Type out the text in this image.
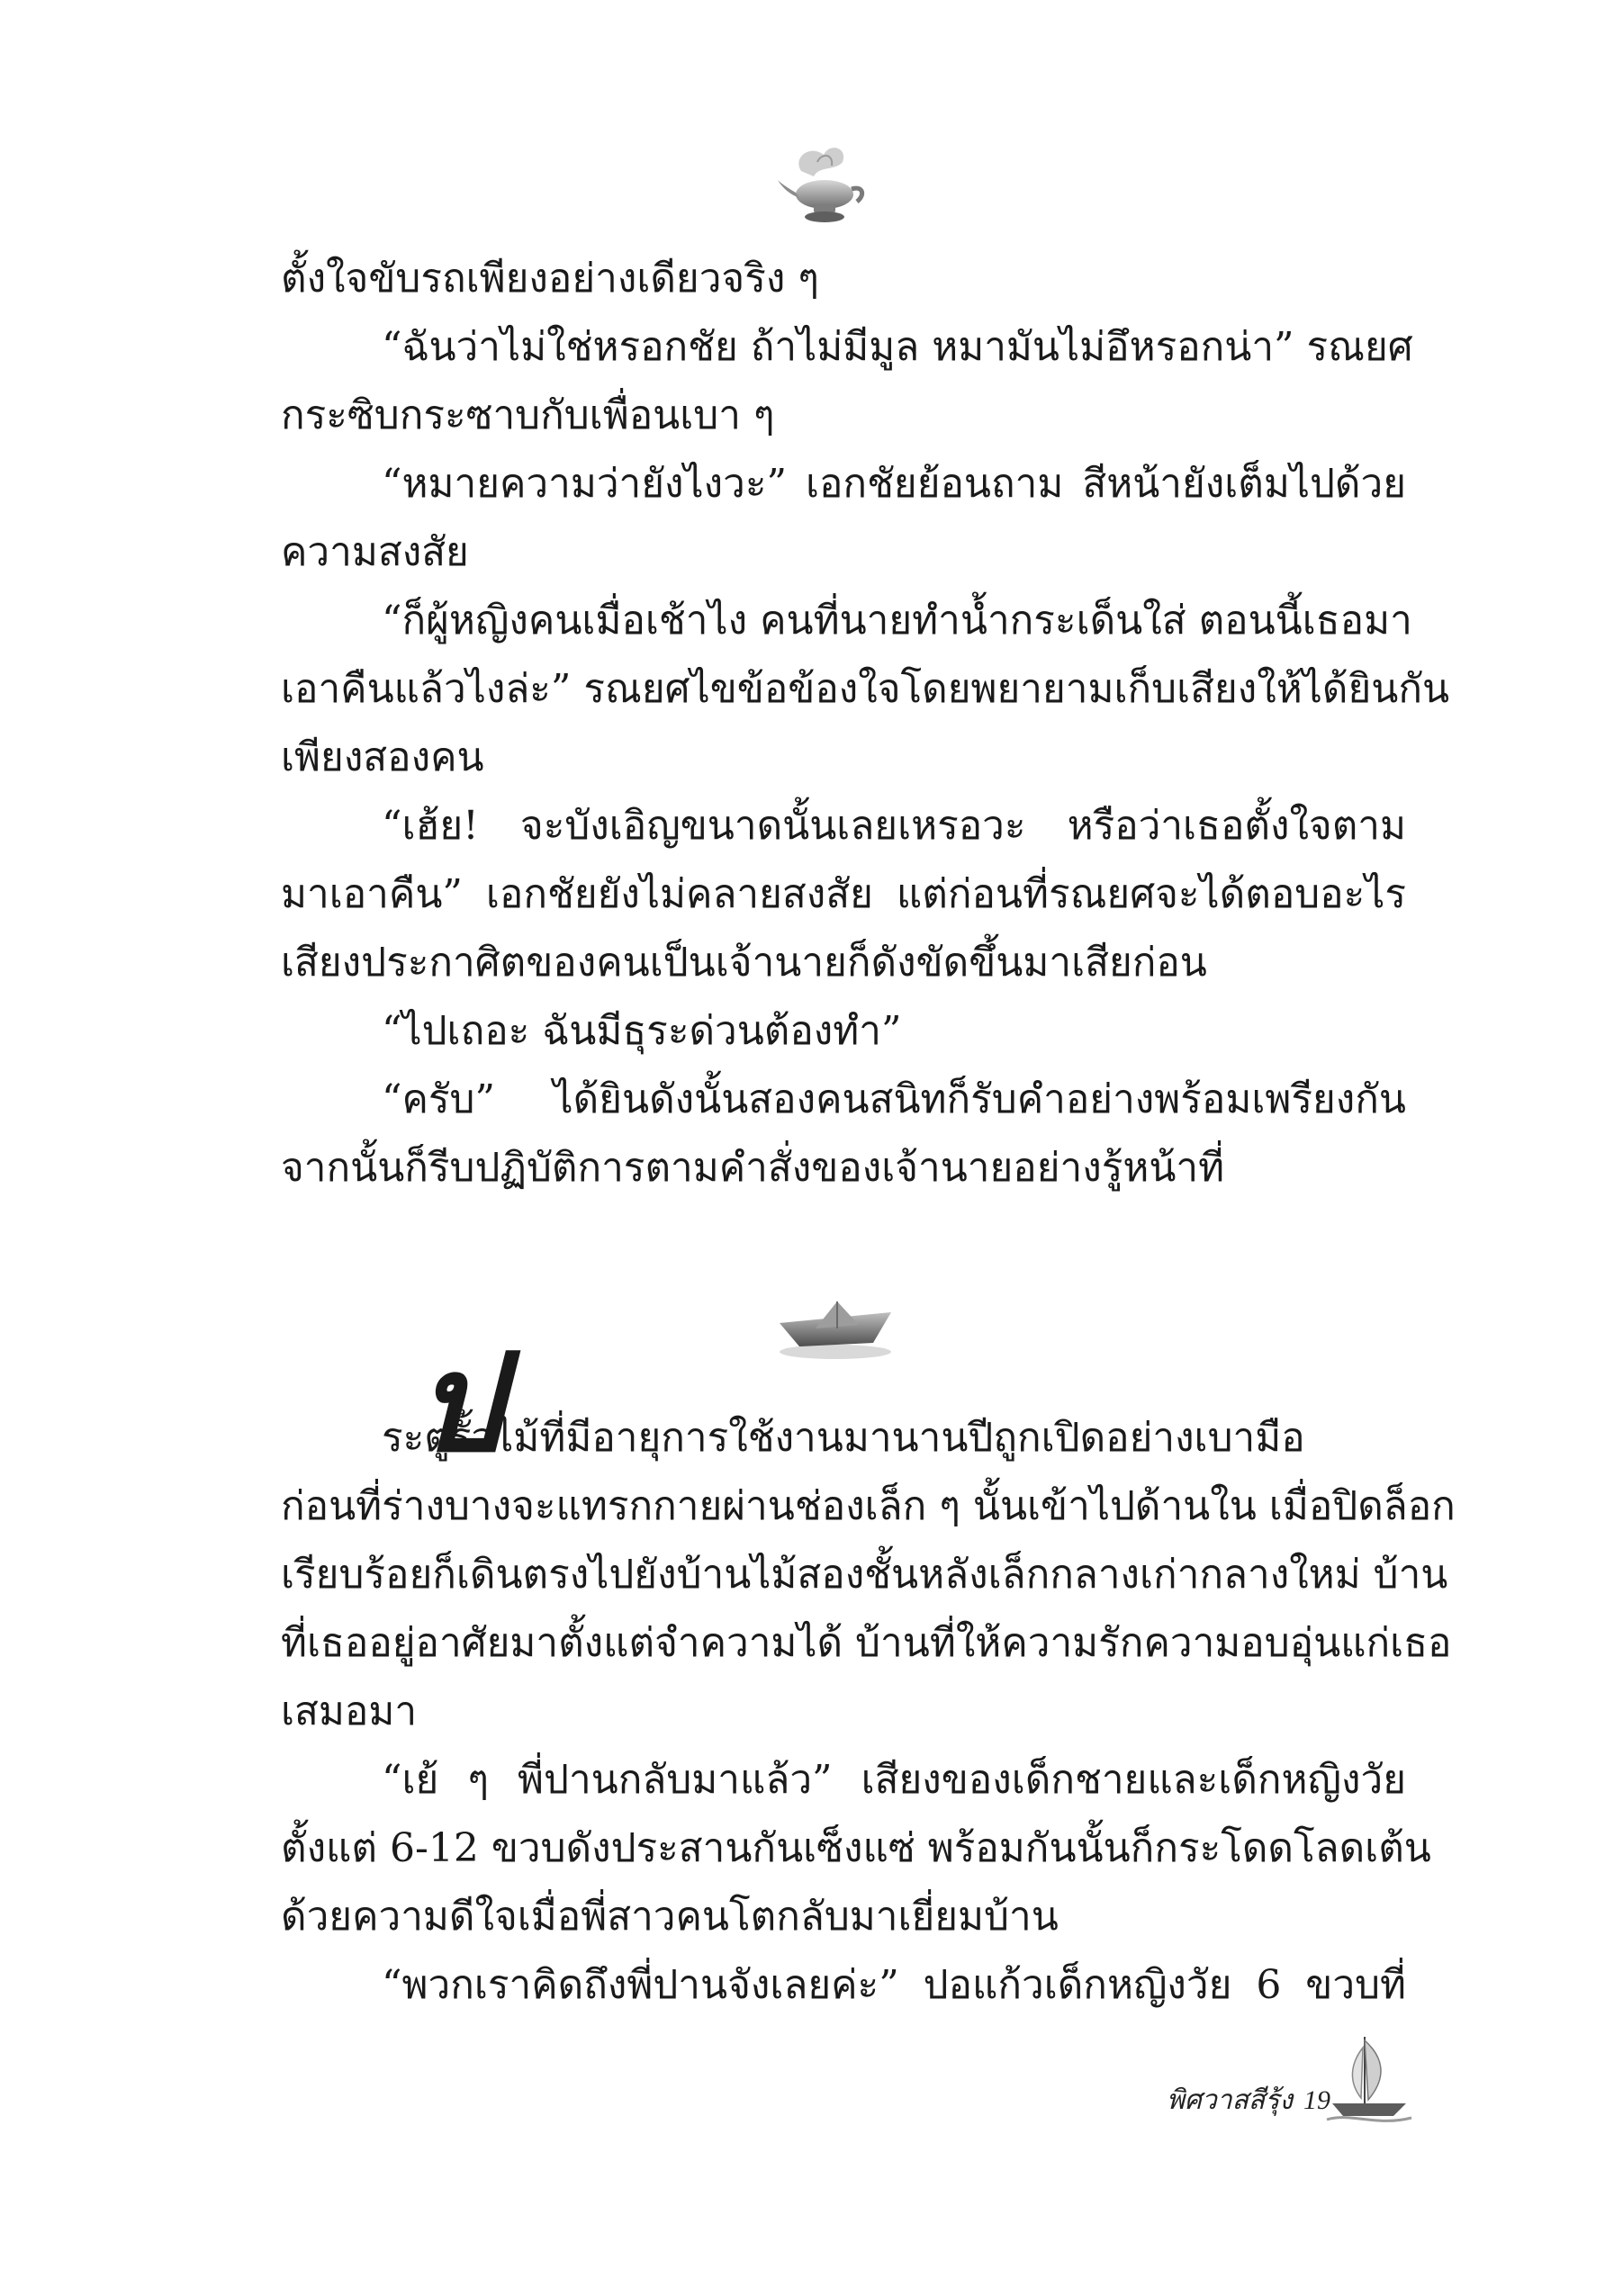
ตั้งใจขับรถเพียงอย่างเดียวจริง ๆ
“ฉันว่าไม่ใช่หรอกชัย ถ้าไม่มีมูล หมามันไม่อึหรอกน่า” รณยศ
กระซิบกระซาบกับเพื่อนเบา ๆ
“หมายความว่ายังไงวะ” เอกชัยย้อนถาม สีหน้ายังเต็มไปด้วย
ความสงสัย
“ก็ผู้หญิงคนเมื่อเช้าไง คนที่นายทำน้ำกระเด็นใส่ ตอนนี้เธอมา
เอาคืนแล้วไงล่ะ” รณยศไขข้อข้องใจโดยพยายามเก็บเสียงให้ได้ยินกัน
เพียงสองคน
“เฮ้ย! จะบังเอิญขนาดนั้นเลยเหรอวะ หรือว่าเธอตั้งใจตาม
มาเอาคืน” เอกชัยยังไม่คลายสงสัย แต่ก่อนที่รณยศจะได้ตอบอะไร
เสียงประกาศิตของคนเป็นเจ้านายก็ดังขัดขึ้นมาเสียก่อน
“ไปเถอะ ฉันมีธุระด่วนต้องทำ”
“ครับ” ได้ยินดังนั้นสองคนสนิทก็รับคำอย่างพร้อมเพรียงกัน
จากนั้นก็รีบปฏิบัติการตามคำสั่งของเจ้านายอย่างรู้หน้าที่
ป
ระตูรั้วไม้ที่มีอายุการใช้งานมานานปีถูกเปิดอย่างเบามือ
ก่อนที่ร่างบางจะแทรกกายผ่านช่องเล็ก ๆ นั้นเข้าไปด้านใน เมื่อปิดล็อก
เรียบร้อยก็เดินตรงไปยังบ้านไม้สองชั้นหลังเล็กกลางเก่ากลางใหม่ บ้าน
ที่เธออยู่อาศัยมาตั้งแต่จำความได้ บ้านที่ให้ความรักความอบอุ่นแก่เธอ
เสมอมา
“เย้ ๆ พี่ปานกลับมาแล้ว” เสียงของเด็กชายและเด็กหญิงวัย
ตั้งแต่ 6-12 ขวบดังประสานกันเซ็งแซ่ พร้อมกันนั้นก็กระโดดโลดเต้น
ด้วยความดีใจเมื่อพี่สาวคนโตกลับมาเยี่ยมบ้าน
“พวกเราคิดถึงพี่ปานจังเลยค่ะ” ปอแก้วเด็กหญิงวัย 6 ขวบที่
พิศวาสสีรุ้ง 19
